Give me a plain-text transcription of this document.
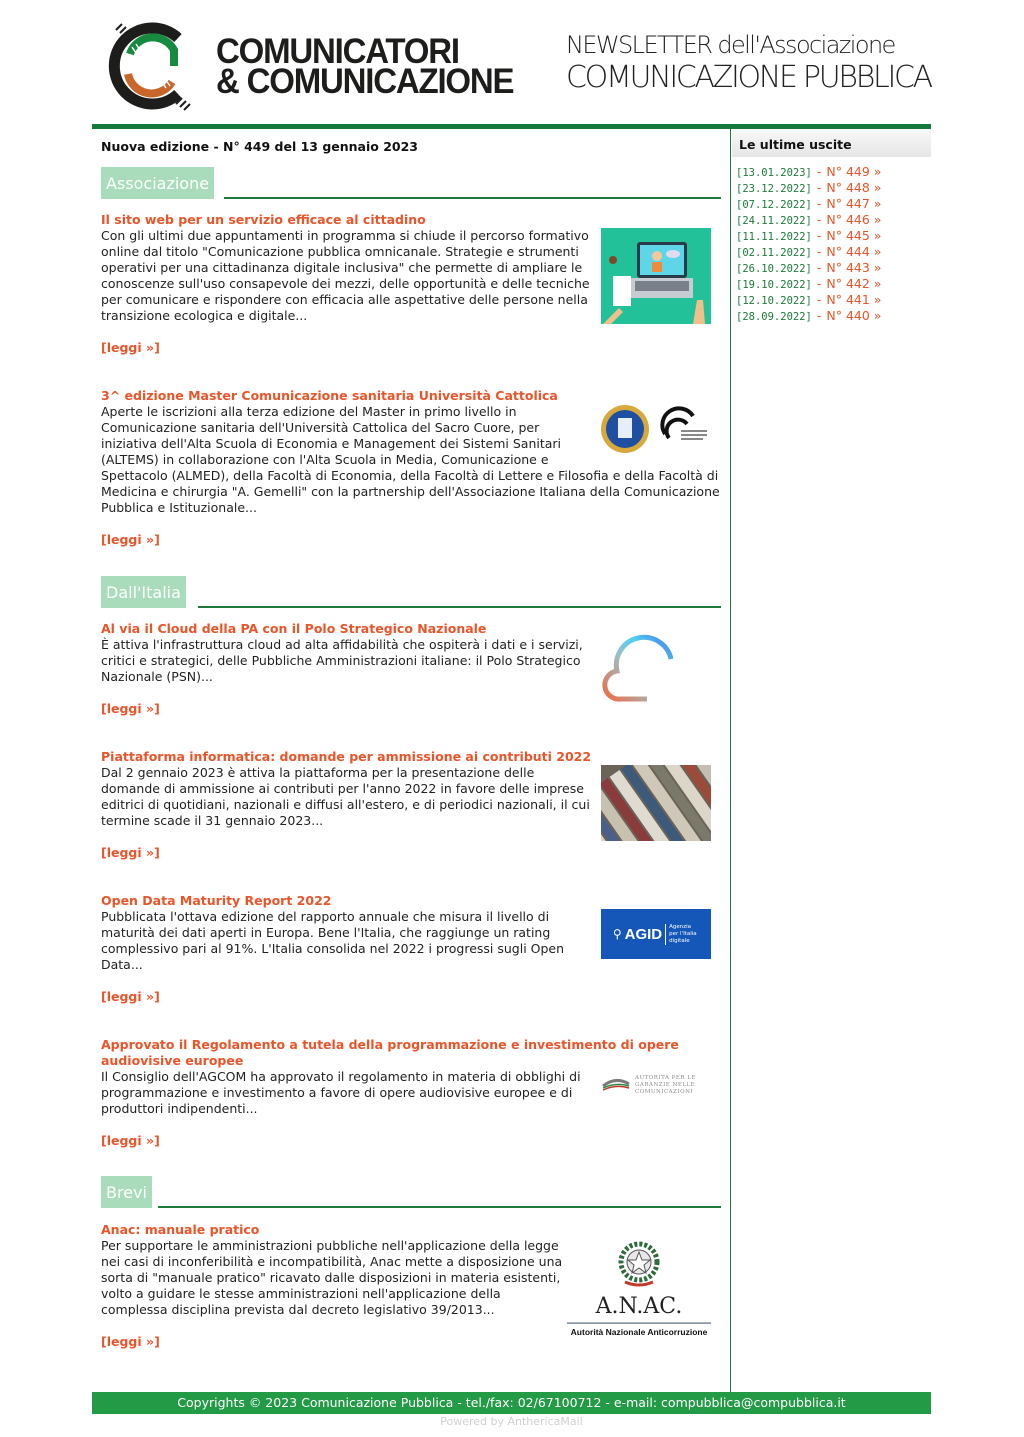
COMUNICATORI
& COMUNICAZIONE
NEWSLETTER dell'Associazione
COMUNICAZIONE PUBBLICA
Nuova edizione - N° 449 del 13 gennaio 2023
Associazione
Il sito web per un servizio efficace al cittadino
Con gli ultimi due appuntamenti in programma si chiude il percorso formativo online dal titolo "Comunicazione pubblica omnicanale. Strategie e strumenti operativi per una cittadinanza digitale inclusiva" che permette di ampliare le conoscenze sull'uso consapevole dei mezzi, delle opportunità e delle tecniche per comunicare e rispondere con efficacia alle aspettative delle persone nella transizione ecologica e digitale...
[leggi »]
3^ edizione Master Comunicazione sanitaria Università Cattolica
Aperte le iscrizioni alla terza edizione del Master in primo livello in Comunicazione sanitaria dell'Università Cattolica del Sacro Cuore, per iniziativa dell'Alta Scuola di Economia e Management dei Sistemi Sanitari (ALTEMS) in collaborazione con l'Alta Scuola in Media, Comunicazione e Spettacolo (ALMED), della Facoltà di Economia, della Facoltà di Lettere e Filosofia e della Facoltà di Medicina e chirurgia "A. Gemelli" con la partnership dell'Associazione Italiana della Comunicazione Pubblica e Istituzionale...
[leggi »]
Dall'Italia
Al via il Cloud della PA con il Polo Strategico Nazionale
È attiva l'infrastruttura cloud ad alta affidabilità che ospiterà i dati e i servizi, critici e strategici, delle Pubbliche Amministrazioni italiane: il Polo Strategico Nazionale (PSN)...
[leggi »]
Piattaforma informatica: domande per ammissione ai contributi 2022
Dal 2 gennaio 2023 è attiva la piattaforma per la presentazione delle domande di ammissione ai contributi per l'anno 2022 in favore delle imprese editrici di quotidiani, nazionali e diffusi all'estero, e di periodici nazionali, il cui termine scade il 31 gennaio 2023...
[leggi »]
Open Data Maturity Report 2022
Pubblicata l'ottava edizione del rapporto annuale che misura il livello di maturità dei dati aperti in Europa. Bene l'Italia, che raggiunge un rating complessivo pari al 91%. L'Italia consolida nel 2022 i progressi sugli Open Data...
[leggi »]
⚲ AGID	Agenzia per l'Italia digitale
Approvato il Regolamento a tutela della programmazione e investimento di opere audiovisive europee
Il Consiglio dell'AGCOM ha approvato il regolamento in materia di obblighi di programmazione e investimento a favore di opere audiovisive europee e di produttori indipendenti...
[leggi »]
AUTORITÀ PER LE GARANZIE NELLE COMUNICAZIONI
Brevi
Anac: manuale pratico
Per supportare le amministrazioni pubbliche nell'applicazione della legge nei casi di inconferibilità e incompatibilità, Anac mette a disposizione una sorta di "manuale pratico" ricavato dalle disposizioni in materia esistenti, volto a guidare le stesse amministrazioni nell'applicazione della complessa disciplina prevista dal decreto legislativo 39/2013...
[leggi »]
A.N.AC.
Autorità Nazionale Anticorruzione
Le ultime uscite
[13.01.2023] - N° 449 »
[23.12.2022] - N° 448 »
[07.12.2022] - N° 447 »
[24.11.2022] - N° 446 »
[11.11.2022] - N° 445 »
[02.11.2022] - N° 444 »
[26.10.2022] - N° 443 »
[19.10.2022] - N° 442 »
[12.10.2022] - N° 441 »
[28.09.2022] - N° 440 »
Copyrights © 2023 Comunicazione Pubblica - tel./fax: 02/67100712 - e-mail: compubblica@compubblica.it
Powered by AnthericaMail
